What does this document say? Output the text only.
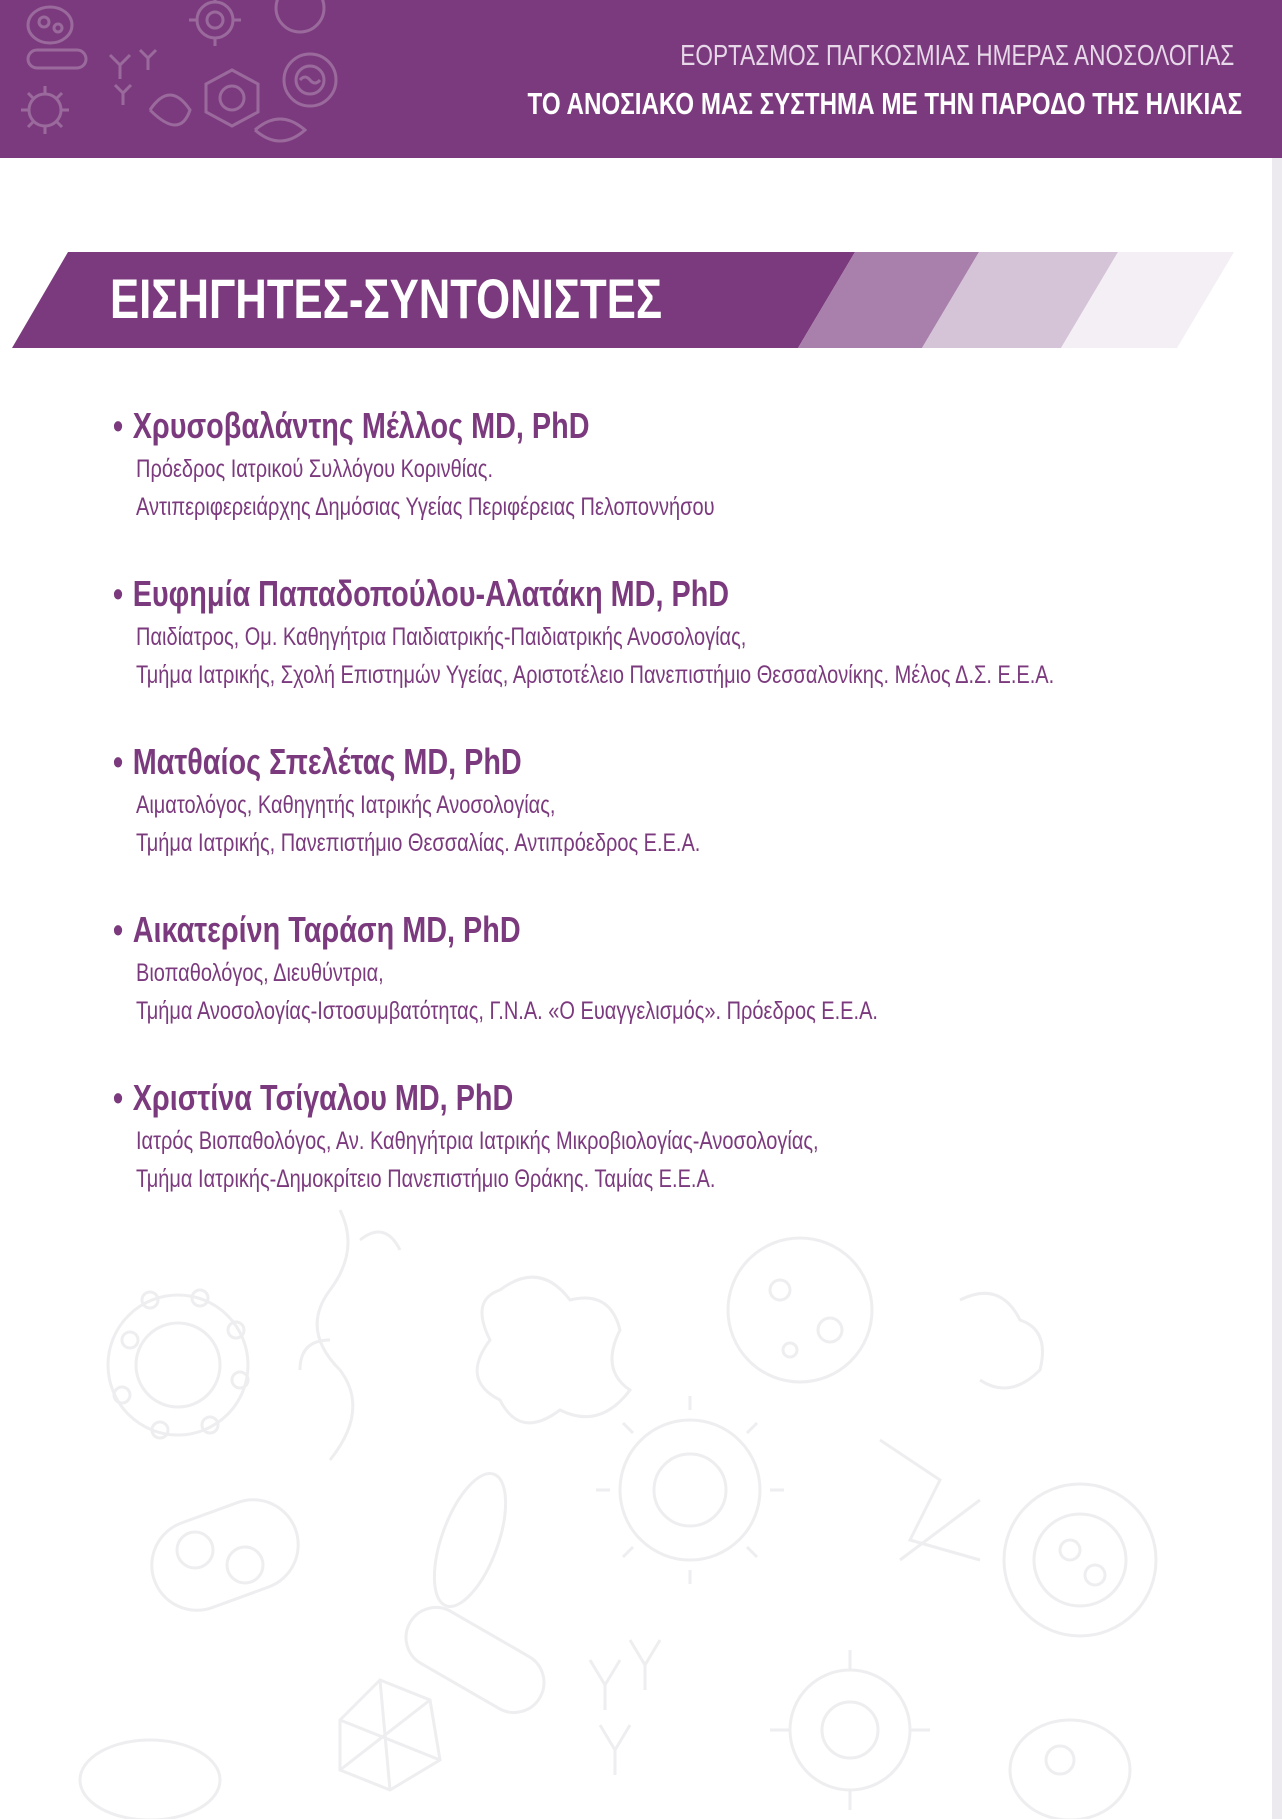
ΕΟΡΤΑΣΜΟΣ ΠΑΓΚΟΣΜΙΑΣ ΗΜΕΡΑΣ ΑΝΟΣΟΛΟΓΙΑΣ
ΤΟ ΑΝΟΣΙΑΚΟ ΜΑΣ ΣΥΣΤΗΜΑ ΜΕ ΤΗΝ ΠΑΡΟΔΟ ΤΗΣ ΗΛΙΚΙΑΣ
ΕΙΣΗΓΗΤΕΣ-ΣΥΝΤΟΝΙΣΤΕΣ
• Χρυσοβαλάντης Μέλλος MD, PhD
Πρόεδρος Ιατρικού Συλλόγου Κορινθίας.
Αντιπεριφερειάρχης Δημόσιας Υγείας Περιφέρειας Πελοποννήσου
• Ευφημία Παπαδοπούλου-Αλατάκη MD, PhD
Παιδίατρος, Ομ. Καθηγήτρια Παιδιατρικής-Παιδιατρικής Ανοσολογίας,
Τμήμα Ιατρικής, Σχολή Επιστημών Υγείας, Αριστοτέλειο Πανεπιστήμιο Θεσσαλονίκης. Μέλος Δ.Σ. Ε.Ε.Α.
• Ματθαίος Σπελέτας MD, PhD
Αιματολόγος, Καθηγητής Ιατρικής Ανοσολογίας,
Τμήμα Ιατρικής, Πανεπιστήμιο Θεσσαλίας. Αντιπρόεδρος Ε.Ε.Α.
• Αικατερίνη Ταράση MD, PhD
Βιοπαθολόγος, Διευθύντρια,
Τμήμα Ανοσολογίας-Ιστοσυμβατότητας, Γ.Ν.Α. «Ο Ευαγγελισμός». Πρόεδρος Ε.Ε.Α.
• Χριστίνα Τσίγαλου MD, PhD
Ιατρός Βιοπαθολόγος, Αν. Καθηγήτρια Ιατρικής Μικροβιολογίας-Ανοσολογίας,
Τμήμα Ιατρικής-Δημοκρίτειο Πανεπιστήμιο Θράκης. Ταμίας Ε.Ε.Α.
